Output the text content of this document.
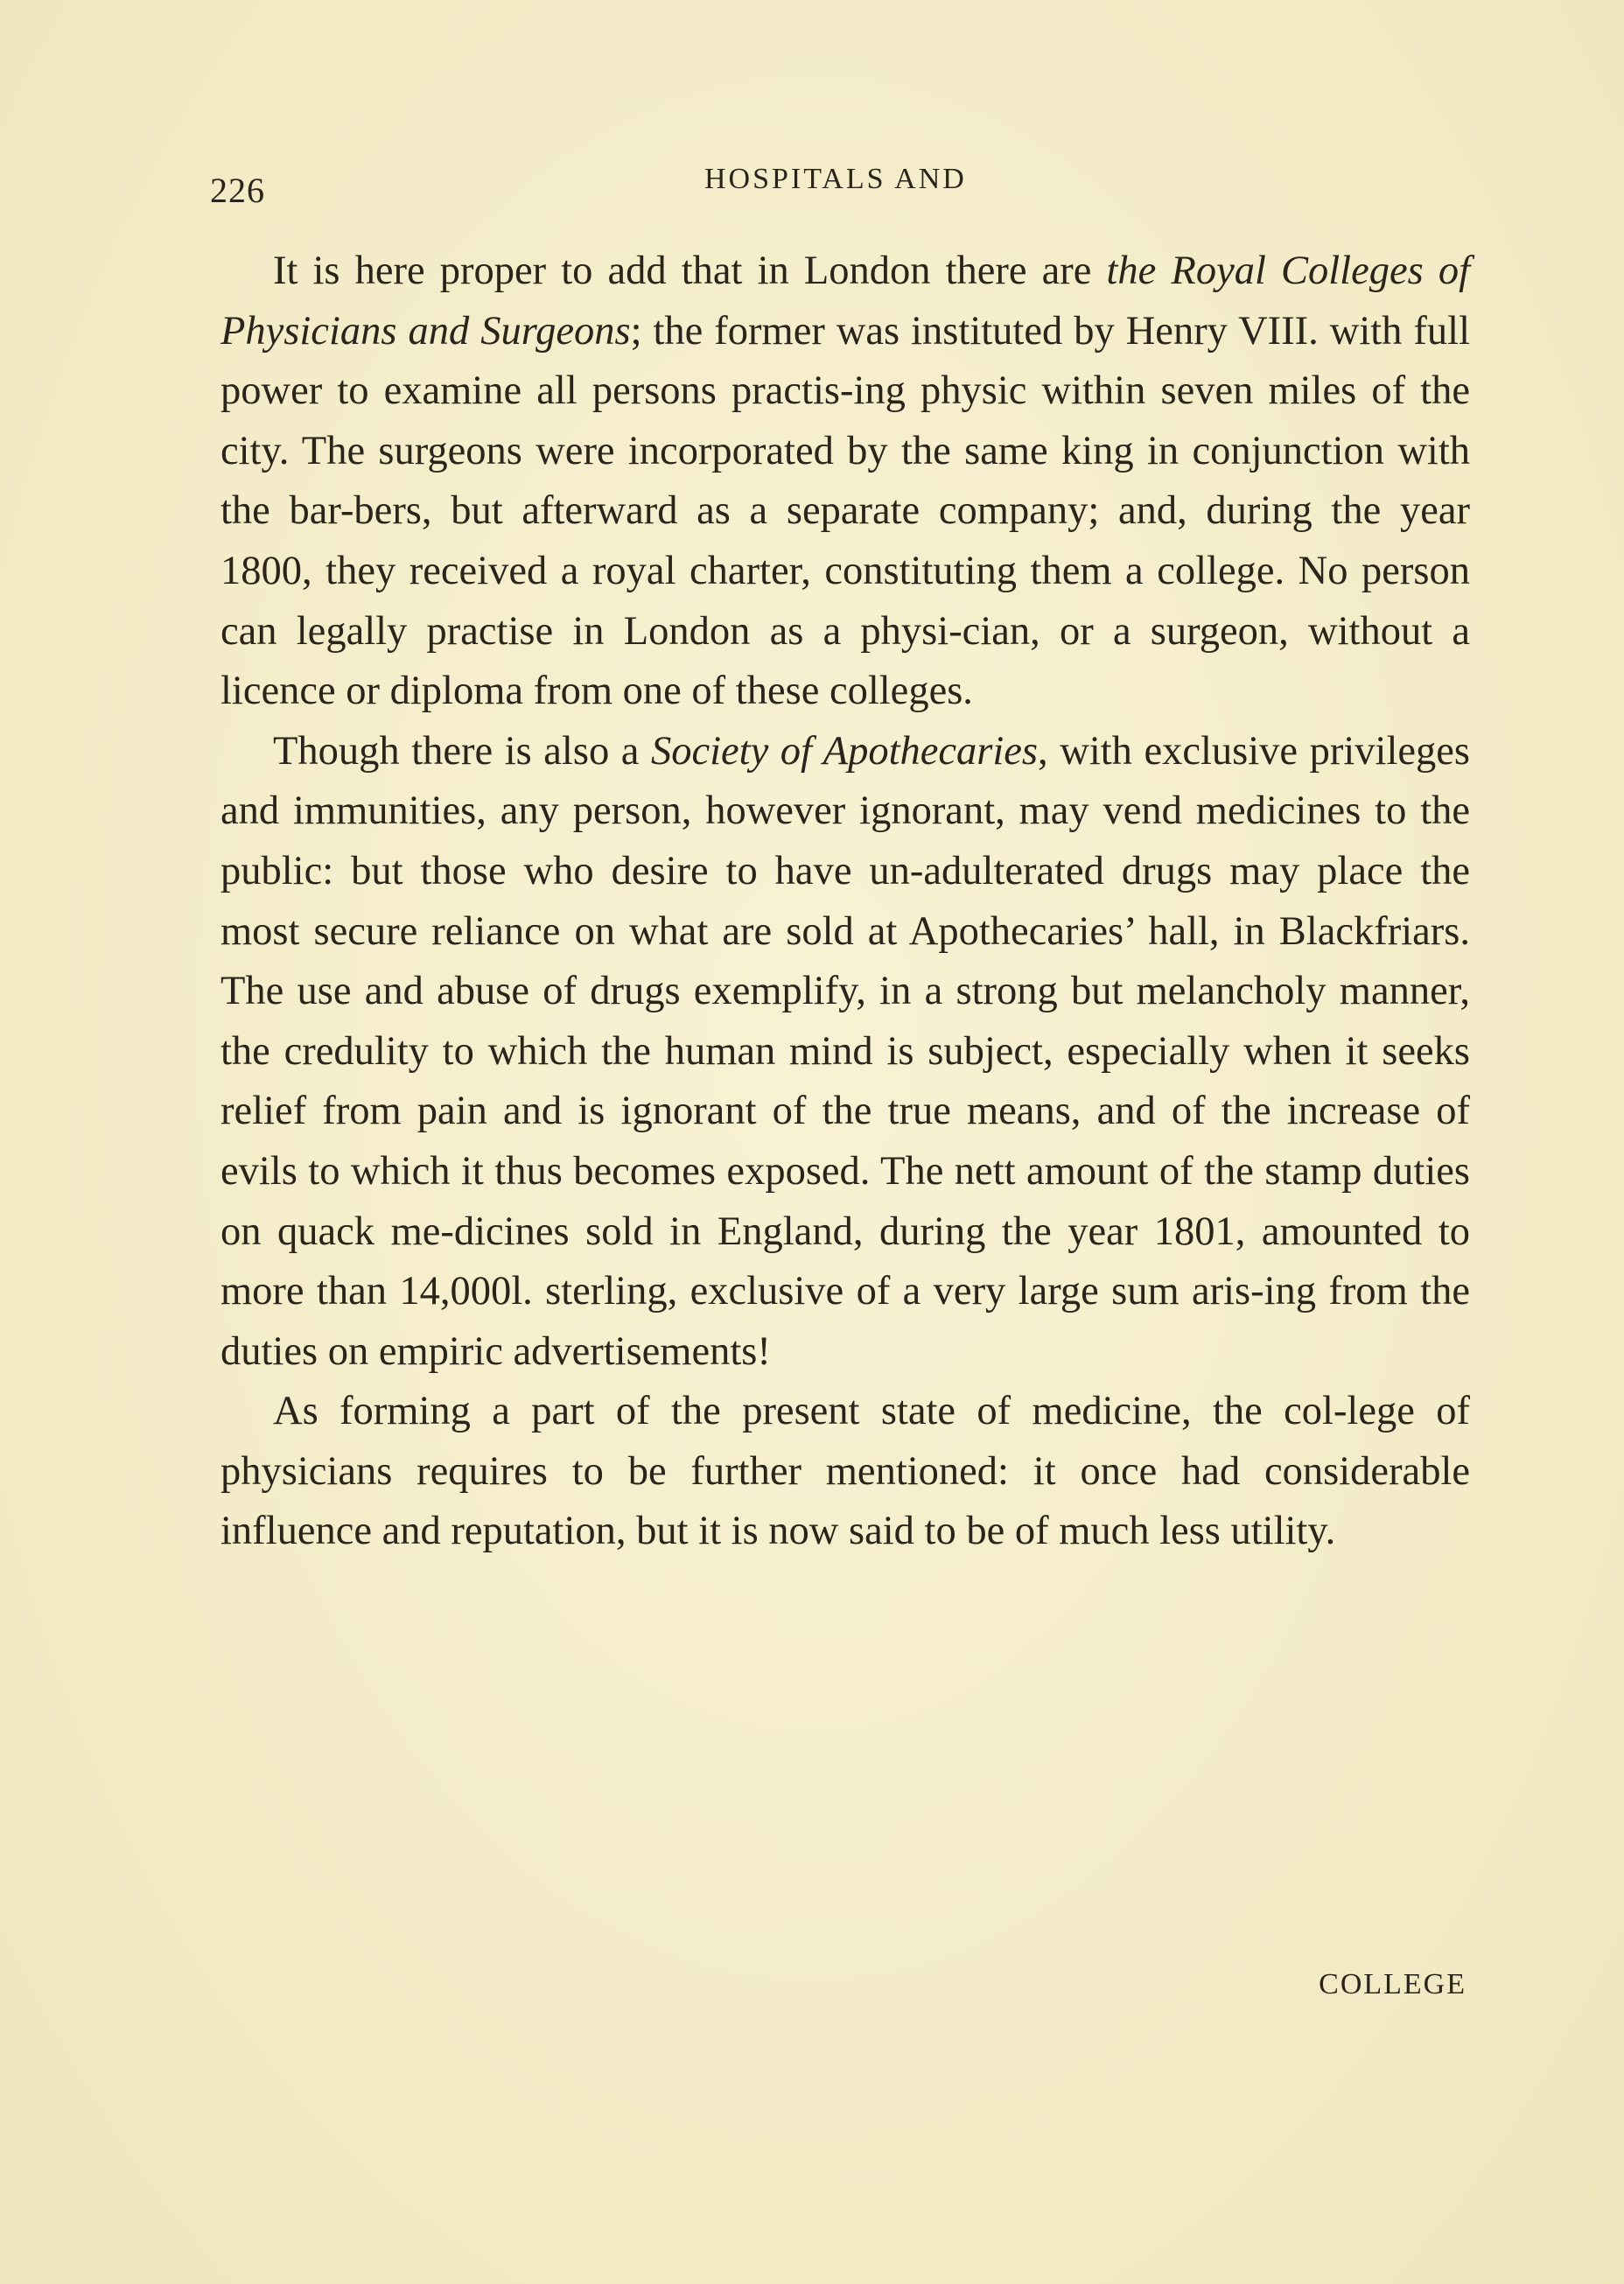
226	HOSPITALS AND

It is here proper to add that in London there are the Royal Colleges of Physicians and Surgeons; the former was instituted by Henry VIII. with full power to examine all persons practis-ing physic within seven miles of the city. The surgeons were incorporated by the same king in conjunction with the bar-bers, but afterward as a separate company; and, during the year 1800, they received a royal charter, constituting them a college. No person can legally practise in London as a physi-cian, or a surgeon, without a licence or diploma from one of these colleges.

Though there is also a Society of Apothecaries, with exclusive privileges and immunities, any person, however ignorant, may vend medicines to the public: but those who desire to have un-adulterated drugs may place the most secure reliance on what are sold at Apothecaries’ hall, in Blackfriars. The use and abuse of drugs exemplify, in a strong but melancholy manner, the credulity to which the human mind is subject, especially when it seeks relief from pain and is ignorant of the true means, and of the increase of evils to which it thus becomes exposed. The nett amount of the stamp duties on quack me-dicines sold in England, during the year 1801, amounted to more than 14,000l. sterling, exclusive of a very large sum aris-ing from the duties on empiric advertisements!

As forming a part of the present state of medicine, the col-lege of physicians requires to be further mentioned: it once had considerable influence and reputation, but it is now said to be of much less utility.

COLLEGE
